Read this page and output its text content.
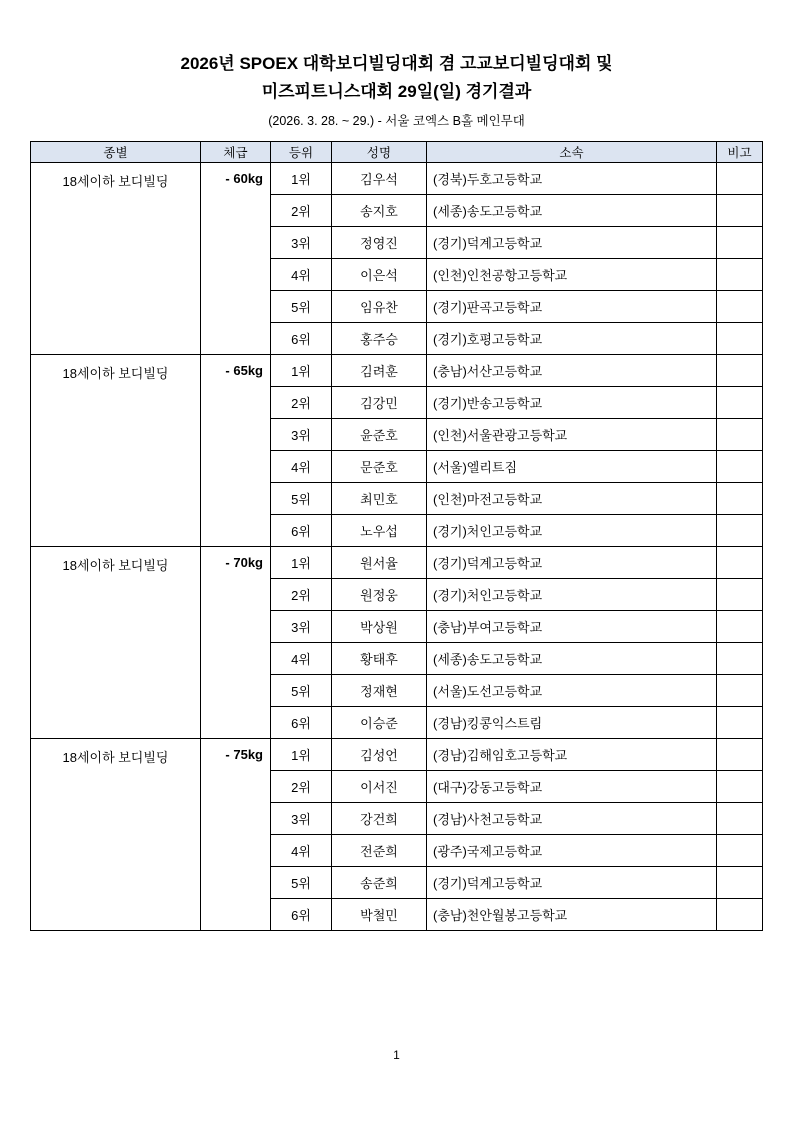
2026년 SPOEX 대학보디빌딩대회 겸 고교보디빌딩대회 및
미즈피트니스대회 29일(일) 경기결과
(2026. 3. 28. ~ 29.) - 서울 코엑스 B홀 메인무대
종별	체급	등위	성명	소속	비고
18세이하 보디빌딩	- 60kg	1위	김우석	(경북)두호고등학교	
		2위	송지호	(세종)송도고등학교	
		3위	정영진	(경기)덕계고등학교	
		4위	이은석	(인천)인천공항고등학교	
		5위	임유찬	(경기)판곡고등학교	
		6위	홍주승	(경기)호평고등학교	
18세이하 보디빌딩	- 65kg	1위	김려훈	(충남)서산고등학교	
		2위	김강민	(경기)반송고등학교	
		3위	윤준호	(인천)서울관광고등학교	
		4위	문준호	(서울)엘리트짐	
		5위	최민호	(인천)마전고등학교	
		6위	노우섭	(경기)처인고등학교	
18세이하 보디빌딩	- 70kg	1위	원서율	(경기)덕계고등학교	
		2위	원정웅	(경기)처인고등학교	
		3위	박상원	(충남)부여고등학교	
		4위	황태후	(세종)송도고등학교	
		5위	정재현	(서울)도선고등학교	
		6위	이승준	(경남)킹콩익스트림	
18세이하 보디빌딩	- 75kg	1위	김성언	(경남)김해임호고등학교	
		2위	이서진	(대구)강동고등학교	
		3위	강건희	(경남)사천고등학교	
		4위	전준희	(광주)국제고등학교	
		5위	송준희	(경기)덕계고등학교	
		6위	박철민	(충남)천안월봉고등학교	
1
